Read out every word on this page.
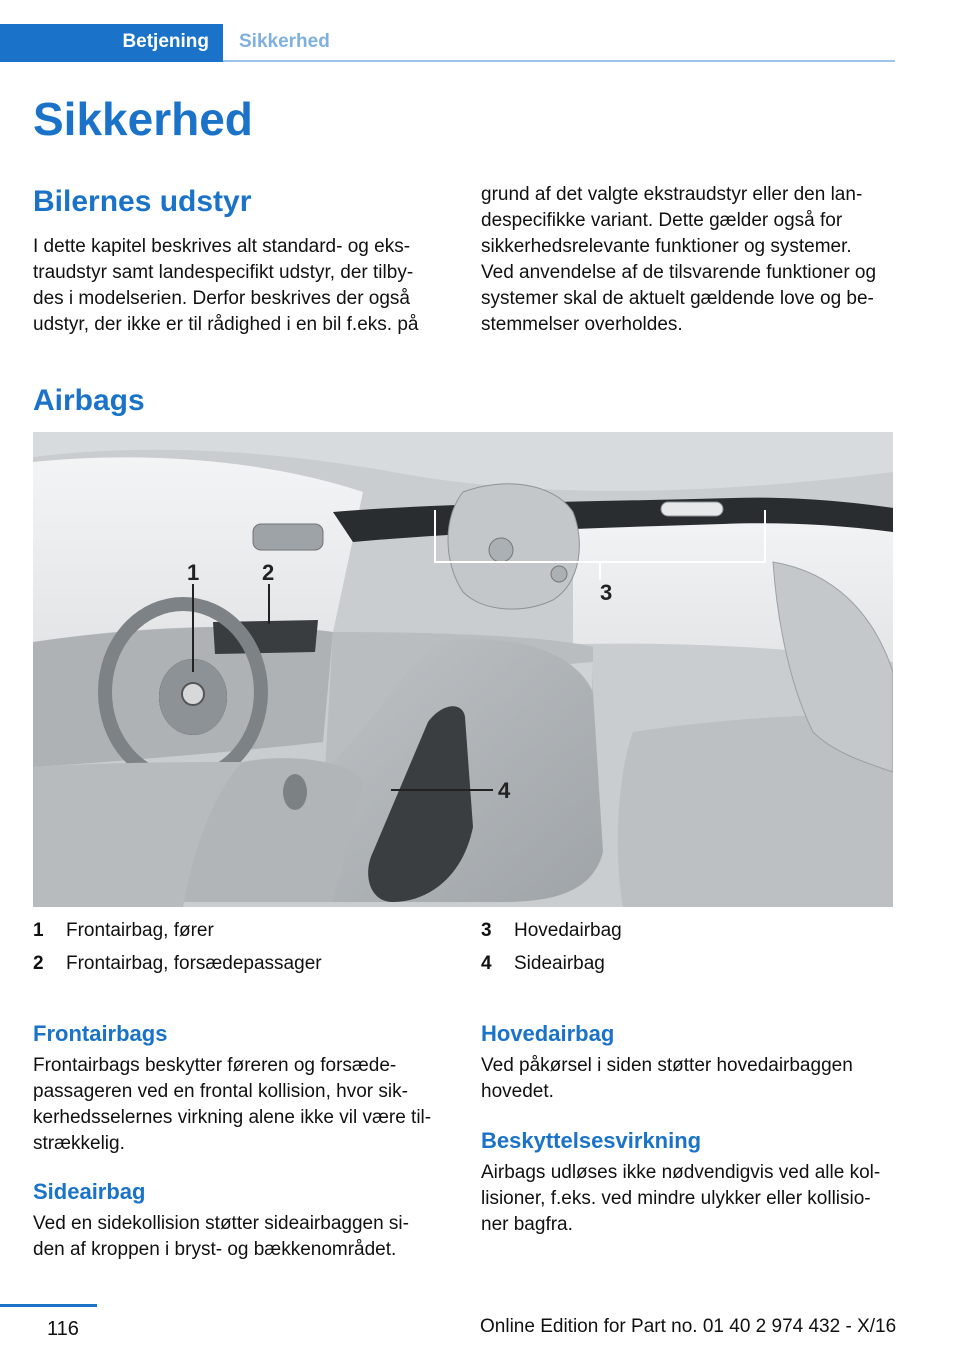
Betjening Sikkerhed
Sikkerhed
Bilernes udstyr
I dette kapitel beskrives alt standard- og eks-
traudstyr samt landespecifikt udstyr, der tilby-
des i modelserien. Derfor beskrives der også
udstyr, der ikke er til rådighed i en bil f.eks. på
grund af det valgte ekstraudstyr eller den lan-
despecifikke variant. Dette gælder også for
sikkerhedsrelevante funktioner og systemer.
Ved anvendelse af de tilsvarende funktioner og
systemer skal de aktuelt gældende love og be-
stemmelser overholdes.
Airbags
1	2
3
4
1 Frontairbag, fører
2 Frontairbag, forsædepassager
3 Hovedairbag
4 Sideairbag
Frontairbags
Frontairbags beskytter føreren og forsæde-
passageren ved en frontal kollision, hvor sik-
kerhedsselernes virkning alene ikke vil være til-
strækkelig.
Sideairbag
Ved en sidekollision støtter sideairbaggen si-
den af kroppen i bryst- og bækkenområdet.
Hovedairbag
Ved påkørsel i siden støtter hovedairbaggen
hovedet.
Beskyttelsesvirkning
Airbags udløses ikke nødvendigvis ved alle kol-
lisioner, f.eks. ved mindre ulykker eller kollisio-
ner bagfra.
116	Online Edition for Part no. 01 40 2 974 432 - X/16
